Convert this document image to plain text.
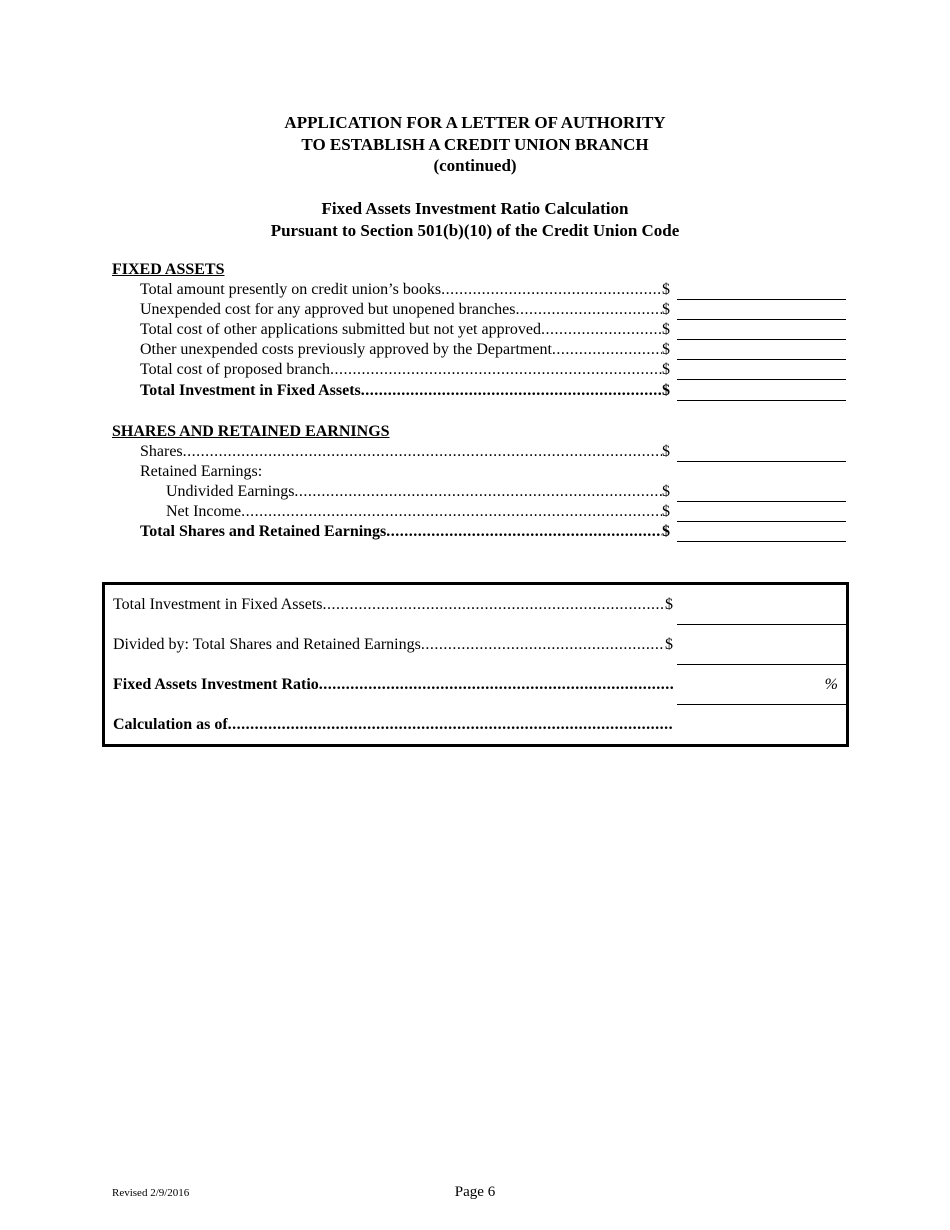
APPLICATION FOR A LETTER OF AUTHORITY
TO ESTABLISH A CREDIT UNION BRANCH
(continued)
Fixed Assets Investment Ratio Calculation
Pursuant to Section 501(b)(10) of the Credit Union Code
FIXED ASSETS
Total amount presently on credit union’s books .....	$
Unexpended cost for any approved but unopened branches .....	$
Total cost of other applications submitted but not yet approved .....	$
Other unexpended costs previously approved by the Department .....	$
Total cost of proposed branch .....	$
Total Investment in Fixed Assets .....	$
SHARES AND RETAINED EARNINGS
Shares .....	$
Retained Earnings:
Undivided Earnings .....	$
Net Income .....	$
Total Shares and Retained Earnings .....	$
Total Investment in Fixed Assets .....	$
Divided by: Total Shares and Retained Earnings .....	$
Fixed Assets Investment Ratio .....	%
Calculation as of
.....
Revised 2/9/2016	Page 6
